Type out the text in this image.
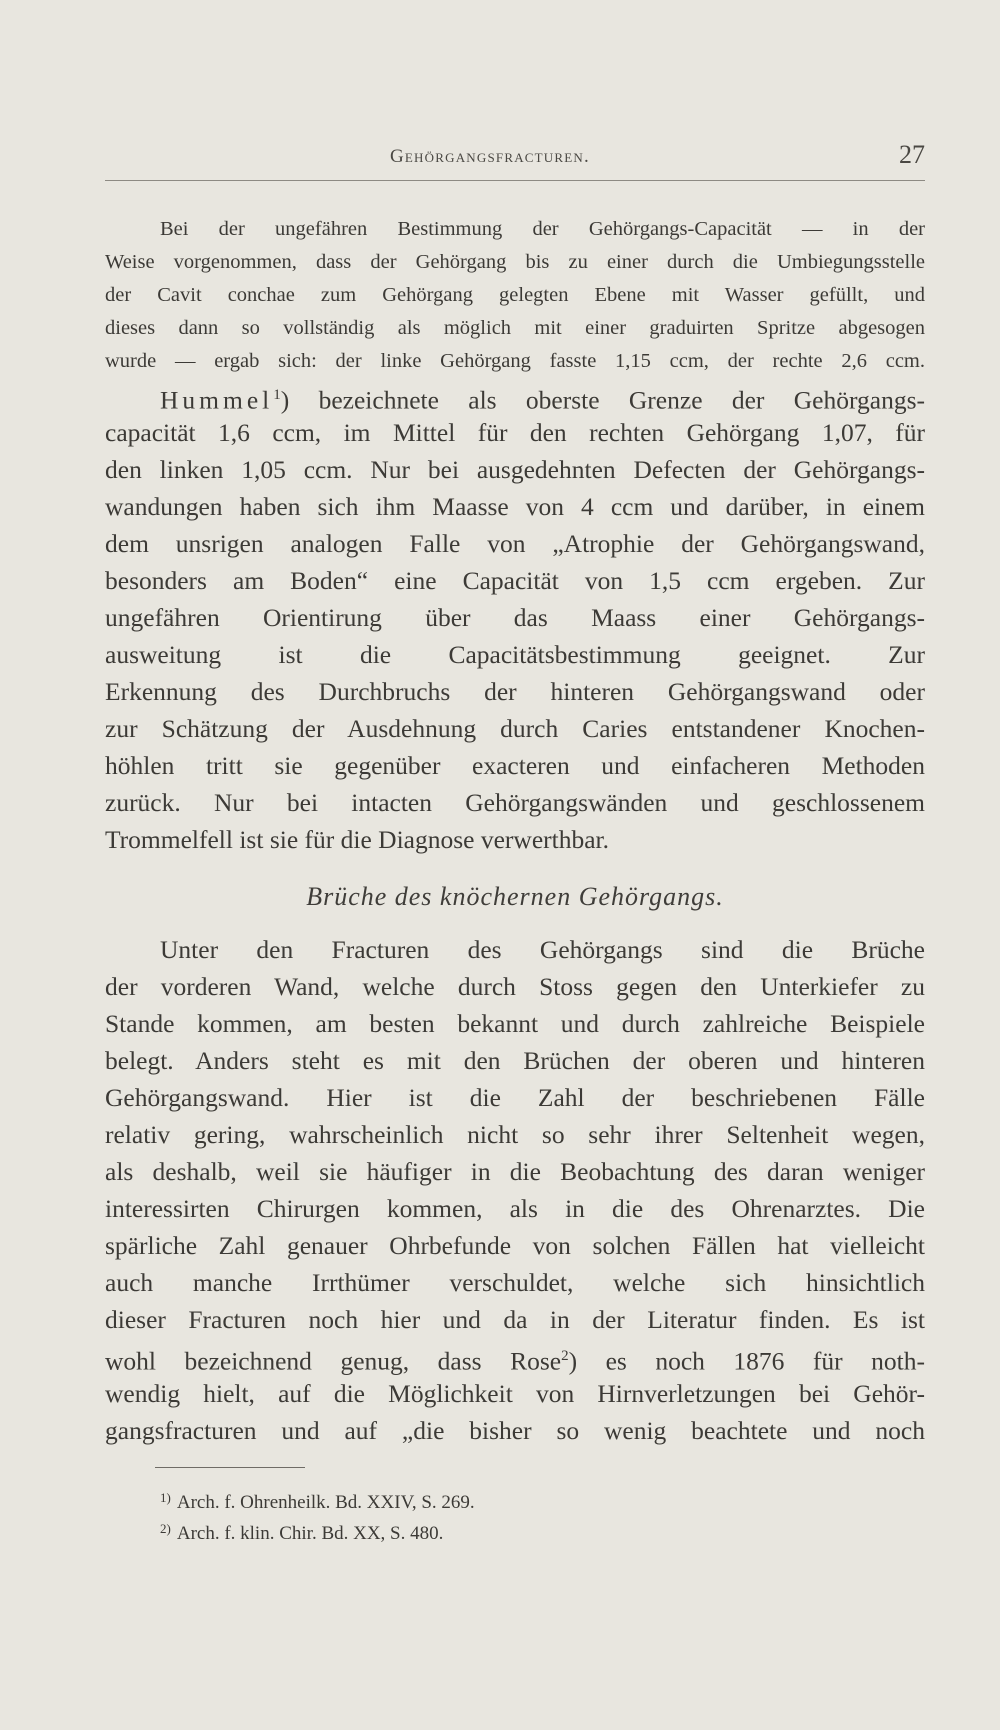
Gehörgangsfracturen.	27
Bei der ungefähren Bestimmung der Gehörgangs-Capacität — in der
Weise vorgenommen, dass der Gehörgang bis zu einer durch die Umbiegungsstelle
der Cavit conchae zum Gehörgang gelegten Ebene mit Wasser gefüllt, und
dieses dann so vollständig als möglich mit einer graduirten Spritze abgesogen
wurde — ergab sich: der linke Gehörgang fasste 1,15 ccm, der rechte 2,6 ccm.
Hummel$^1$) bezeichnete als oberste Grenze der Gehörgangs-
capacität 1,6 ccm, im Mittel für den rechten Gehörgang 1,07, für
den linken 1,05 ccm. Nur bei ausgedehnten Defecten der Gehörgangs-
wandungen haben sich ihm Maasse von 4 ccm und darüber, in einem
dem unsrigen analogen Falle von „Atrophie der Gehörgangswand,
besonders am Boden“ eine Capacität von 1,5 ccm ergeben. Zur
ungefähren Orientirung über das Maass einer Gehörgangs-
ausweitung ist die Capacitätsbestimmung geeignet. Zur
Erkennung des Durchbruchs der hinteren Gehörgangswand oder
zur Schätzung der Ausdehnung durch Caries entstandener Knochen-
höhlen tritt sie gegenüber exacteren und einfacheren Methoden
zurück. Nur bei intacten Gehörgangswänden und geschlossenem
Trommelfell ist sie für die Diagnose verwerthbar.
Brüche des knöchernen Gehörgangs.
Unter den Fracturen des Gehörgangs sind die Brüche
der vorderen Wand, welche durch Stoss gegen den Unterkiefer zu
Stande kommen, am besten bekannt und durch zahlreiche Beispiele
belegt. Anders steht es mit den Brüchen der oberen und hinteren
Gehörgangswand. Hier ist die Zahl der beschriebenen Fälle
relativ gering, wahrscheinlich nicht so sehr ihrer Seltenheit wegen,
als deshalb, weil sie häufiger in die Beobachtung des daran weniger
interessirten Chirurgen kommen, als in die des Ohrenarztes. Die
spärliche Zahl genauer Ohrbefunde von solchen Fällen hat vielleicht
auch manche Irrthümer verschuldet, welche sich hinsichtlich
dieser Fracturen noch hier und da in der Literatur finden. Es ist
wohl bezeichnend genug, dass Rose$^2$) es noch 1876 für noth-
wendig hielt, auf die Möglichkeit von Hirnverletzungen bei Gehör-
gangsfracturen und auf „die bisher so wenig beachtete und noch
$^{1)}$ Arch. f. Ohrenheilk. Bd. XXIV, S. 269.
$^{2)}$ Arch. f. klin. Chir. Bd. XX, S. 480.
